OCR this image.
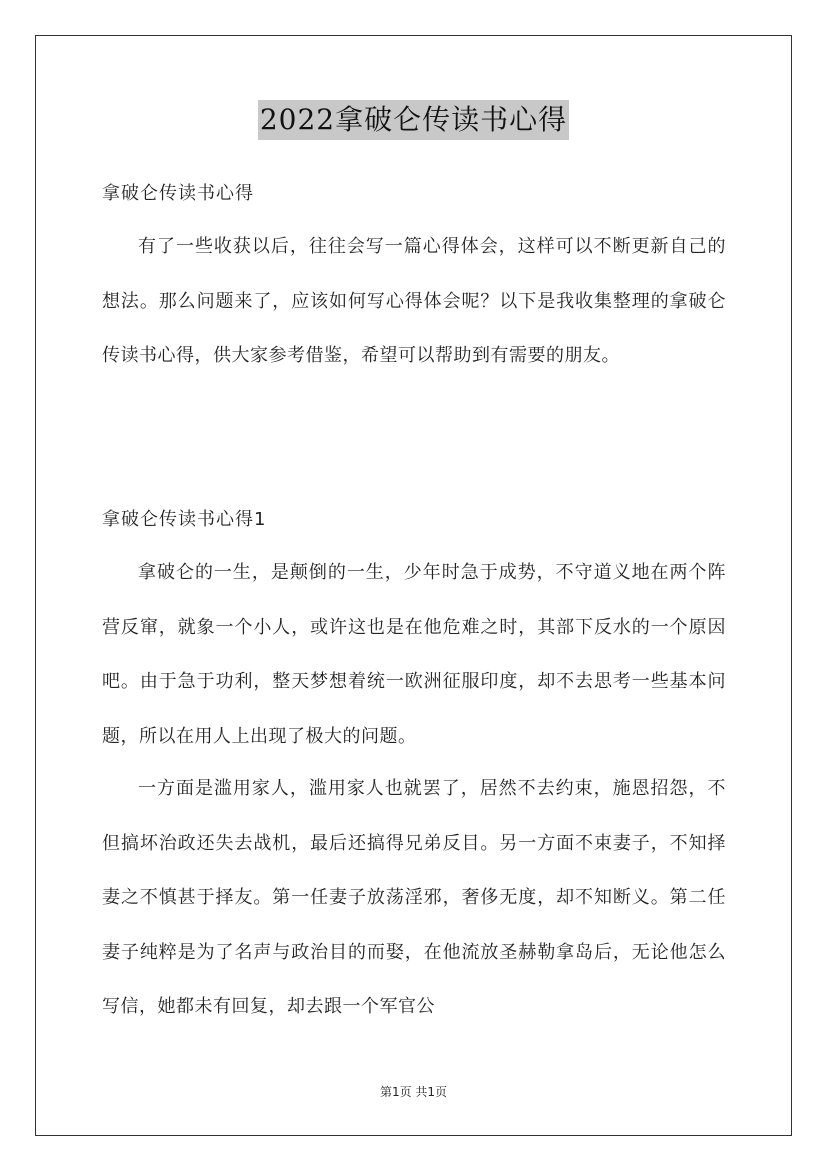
2022拿破仑传读书心得
拿破仑传读书心得

有了一些收获以后，往往会写一篇心得体会，这样可以不断更新自己的想法。那么问题来了，应该如何写心得体会呢？以下是我收集整理的拿破仑传读书心得，供大家参考借鉴，希望可以帮助到有需要的朋友。

拿破仑传读书心得1

拿破仑的一生，是颠倒的一生，少年时急于成势，不守道义地在两个阵营反窜，就象一个小人，或许这也是在他危难之时，其部下反水的一个原因吧。由于急于功利，整天梦想着统一欧洲征服印度，却不去思考一些基本问题，所以在用人上出现了极大的问题。

一方面是滥用家人，滥用家人也就罢了，居然不去约束，施恩招怨，不但搞坏治政还失去战机，最后还搞得兄弟反目。另一方面不束妻子，不知择妻之不慎甚于择友。第一任妻子放荡淫邪，奢侈无度，却不知断义。第二任妻子纯粹是为了名声与政治目的而娶，在他流放圣赫勒拿岛后，无论他怎么写信，她都未有回复，却去跟一个军官公

第1页 共1页
